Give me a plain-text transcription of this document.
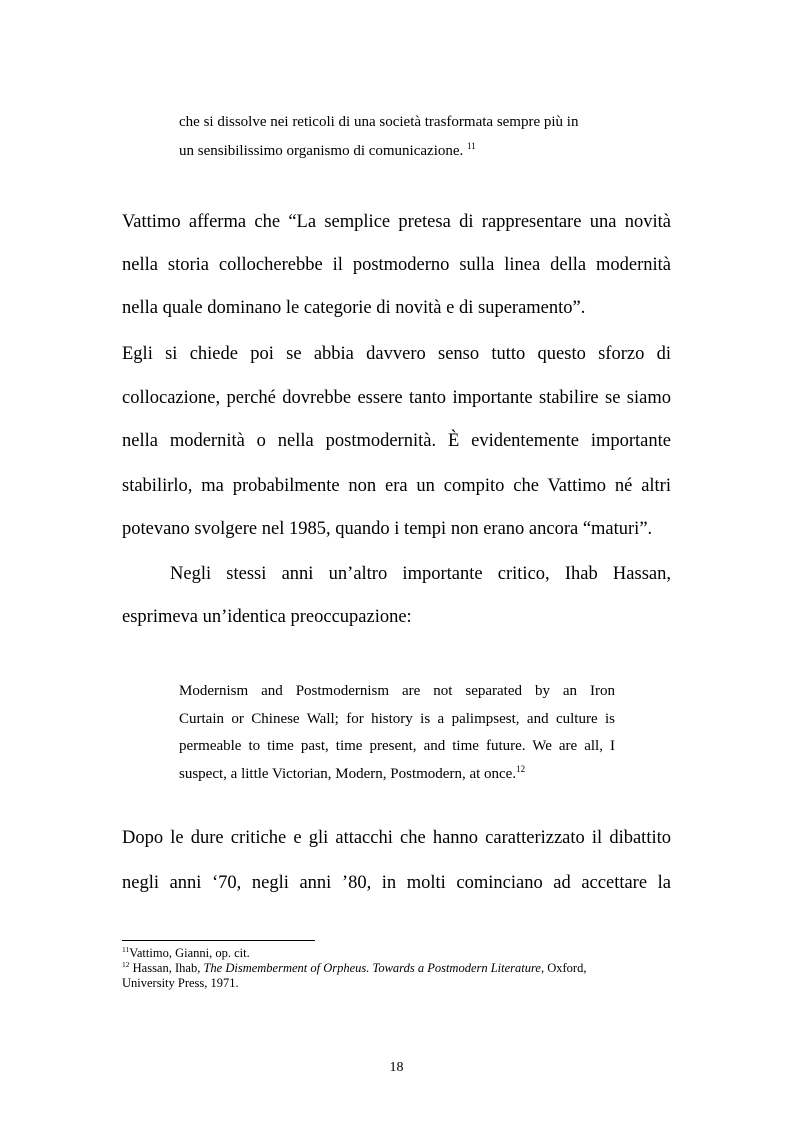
che si dissolve nei reticoli di una società trasformata sempre più in
un sensibilissimo organismo di comunicazione. $^{11}$
Vattimo afferma che “La semplice pretesa di rappresentare una novità
nella storia collocherebbe il postmoderno sulla linea della modernità
nella quale dominano le categorie di novità e di superamento”.
Egli si chiede poi se abbia davvero senso tutto questo sforzo di
collocazione, perché dovrebbe essere tanto importante stabilire se siamo
nella modernità o nella postmodernità. È evidentemente importante
stabilirlo, ma probabilmente non era un compito che Vattimo né altri
potevano svolgere nel 1985, quando i tempi non erano ancora “maturi”.
Negli stessi anni un’altro importante critico, Ihab Hassan,
esprimeva un’identica preoccupazione:
Dopo le dure critiche e gli attacchi che hanno caratterizzato il dibattito
negli anni ‘70, negli anni ’80, in molti cominciano ad accettare la
Modernism and Postmodernism are not separated by an Iron
Curtain or Chinese Wall; for history is a palimpsest, and culture is
permeable to time past, time present, and time future. We are all, I
suspect, a little Victorian, Modern, Postmodern, at once.$^{12}$
$^{11}$Vattimo, Gianni, op. cit.
$^{12}$ Hassan, Ihab, The Dismemberment of Orpheus. Towards a Postmodern Literature, Oxford,
University Press, 1971.
18
